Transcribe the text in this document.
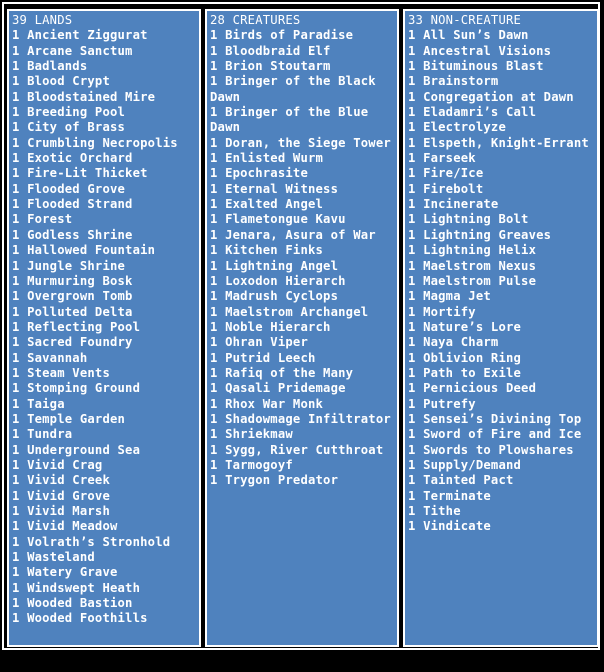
39 LANDS
1 Ancient Ziggurat
1 Arcane Sanctum
1 Badlands
1 Blood Crypt
1 Bloodstained Mire
1 Breeding Pool
1 City of Brass
1 Crumbling Necropolis
1 Exotic Orchard
1 Fire-Lit Thicket
1 Flooded Grove
1 Flooded Strand
1 Forest
1 Godless Shrine
1 Hallowed Fountain
1 Jungle Shrine
1 Murmuring Bosk
1 Overgrown Tomb
1 Polluted Delta
1 Reflecting Pool
1 Sacred Foundry
1 Savannah
1 Steam Vents
1 Stomping Ground
1 Taiga
1 Temple Garden
1 Tundra
1 Underground Sea
1 Vivid Crag
1 Vivid Creek
1 Vivid Grove
1 Vivid Marsh
1 Vivid Meadow
1 Volrath’s Stronhold
1 Wasteland
1 Watery Grave
1 Windswept Heath
1 Wooded Bastion
1 Wooded Foothills
28 CREATURES
1 Birds of Paradise
1 Bloodbraid Elf
1 Brion Stoutarm
1 Bringer of the Black Dawn
1 Bringer of the Blue Dawn
1 Doran, the Siege Tower
1 Enlisted Wurm
1 Epochrasite
1 Eternal Witness
1 Exalted Angel
1 Flametongue Kavu
1 Jenara, Asura of War
1 Kitchen Finks
1 Lightning Angel
1 Loxodon Hierarch
1 Madrush Cyclops
1 Maelstrom Archangel
1 Noble Hierarch
1 Ohran Viper
1 Putrid Leech
1 Rafiq of the Many
1 Qasali Pridemage
1 Rhox War Monk
1 Shadowmage Infiltrator
1 Shriekmaw
1 Sygg, River Cutthroat
1 Tarmogoyf
1 Trygon Predator
33 NON-CREATURE
1 All Sun’s Dawn
1 Ancestral Visions
1 Bituminous Blast
1 Brainstorm
1 Congregation at Dawn
1 Eladamri’s Call
1 Electrolyze
1 Elspeth, Knight-Errant
1 Farseek
1 Fire/Ice
1 Firebolt
1 Incinerate
1 Lightning Bolt
1 Lightning Greaves
1 Lightning Helix
1 Maelstrom Nexus
1 Maelstrom Pulse
1 Magma Jet
1 Mortify
1 Nature’s Lore
1 Naya Charm
1 Oblivion Ring
1 Path to Exile
1 Pernicious Deed
1 Putrefy
1 Sensei’s Divining Top
1 Sword of Fire and Ice
1 Swords to Plowshares
1 Supply/Demand
1 Tainted Pact
1 Terminate
1 Tithe
1 Vindicate
